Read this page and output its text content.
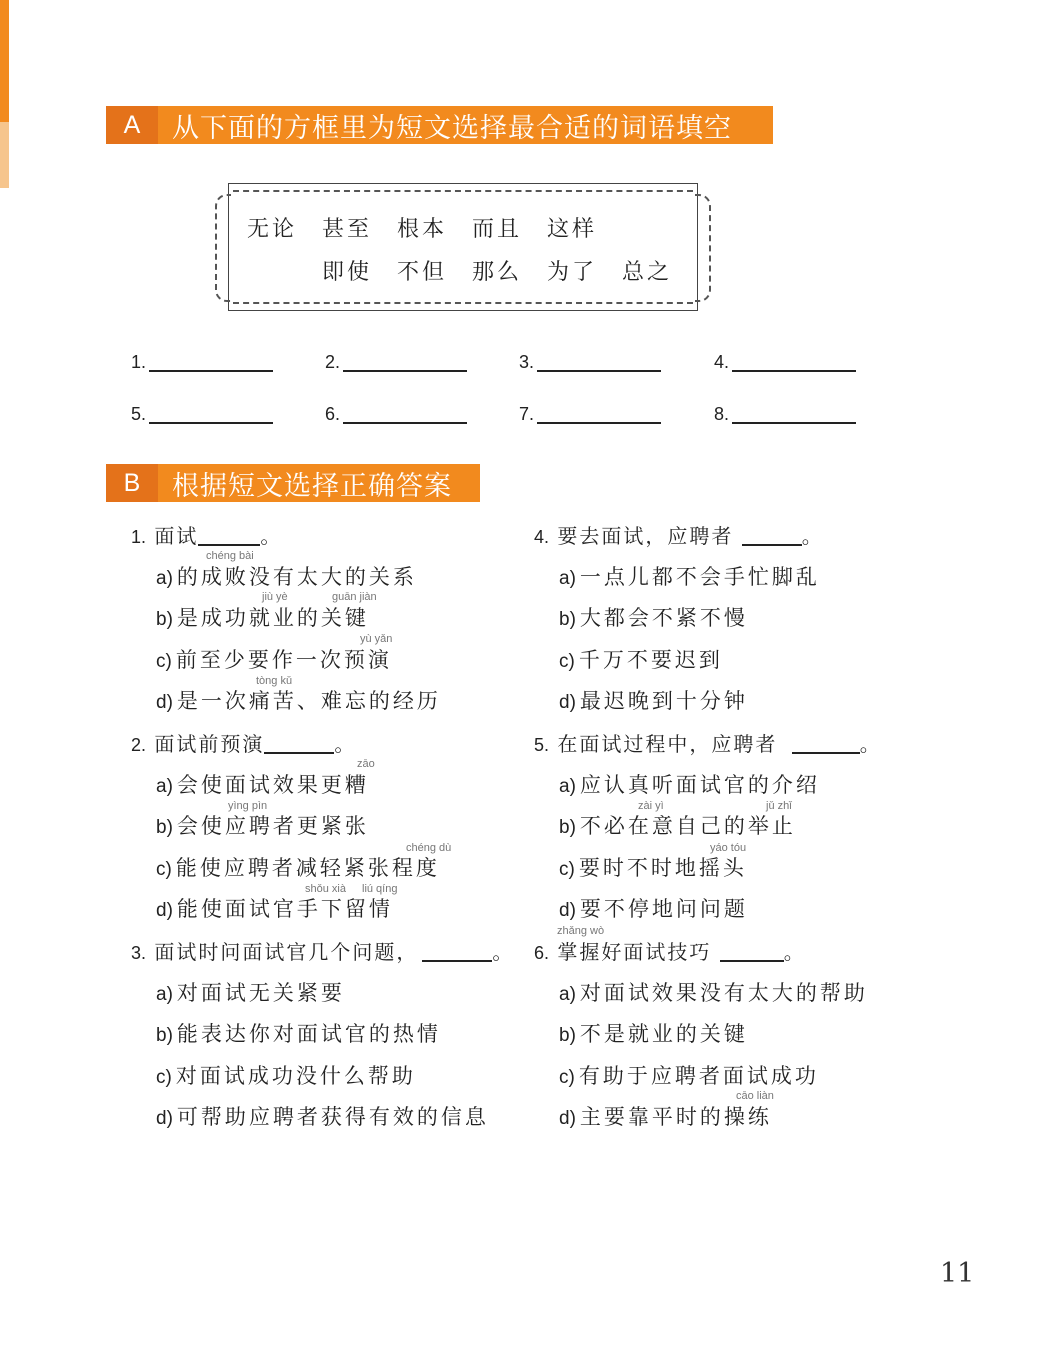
A	从下面的方框里为短文选择最合适的词语填空
无论 甚至 根本 而且 这样
即使 不但 那么 为了 总之
1.	2.	3.	4.
5.	6.	7.	8.
B	根据短文选择正确答案
1. 面试	。
chéng bài
a) 的成败没有太大的关系
jiù yè	guān jiàn
b) 是成功就业的关键
yù yǎn
c) 前至少要作一次预演
tòng kǔ
d) 是一次痛苦、难忘的经历
2. 面试前预演	。
zāo
a) 会使面试效果更糟
yìng pìn
b) 会使应聘者更紧张
chéng dù
c) 能使应聘者减轻紧张程度
shǒu xià liú qíng
d) 能使面试官手下留情
3. 面试时问面试官几个问题，	。
a) 对面试无关紧要
b) 能表达你对面试官的热情
c) 对面试成功没什么帮助
d) 可帮助应聘者获得有效的信息
4. 要去面试，应聘者	。
a) 一点儿都不会手忙脚乱
b) 大都会不紧不慢
c) 千万不要迟到
d) 最迟晚到十分钟
5. 在面试过程中，应聘者	。
a) 应认真听面试官的介绍
zài yì	jǔ zhǐ
b) 不必在意自己的举止
yáo tóu
c) 要时不时地摇头
d) 要不停地问问题
zhǎng wò
6. 掌握好面试技巧	。
a) 对面试效果没有太大的帮助
b) 不是就业的关键
c) 有助于应聘者面试成功
cāo liàn
d) 主要靠平时的操练
11
